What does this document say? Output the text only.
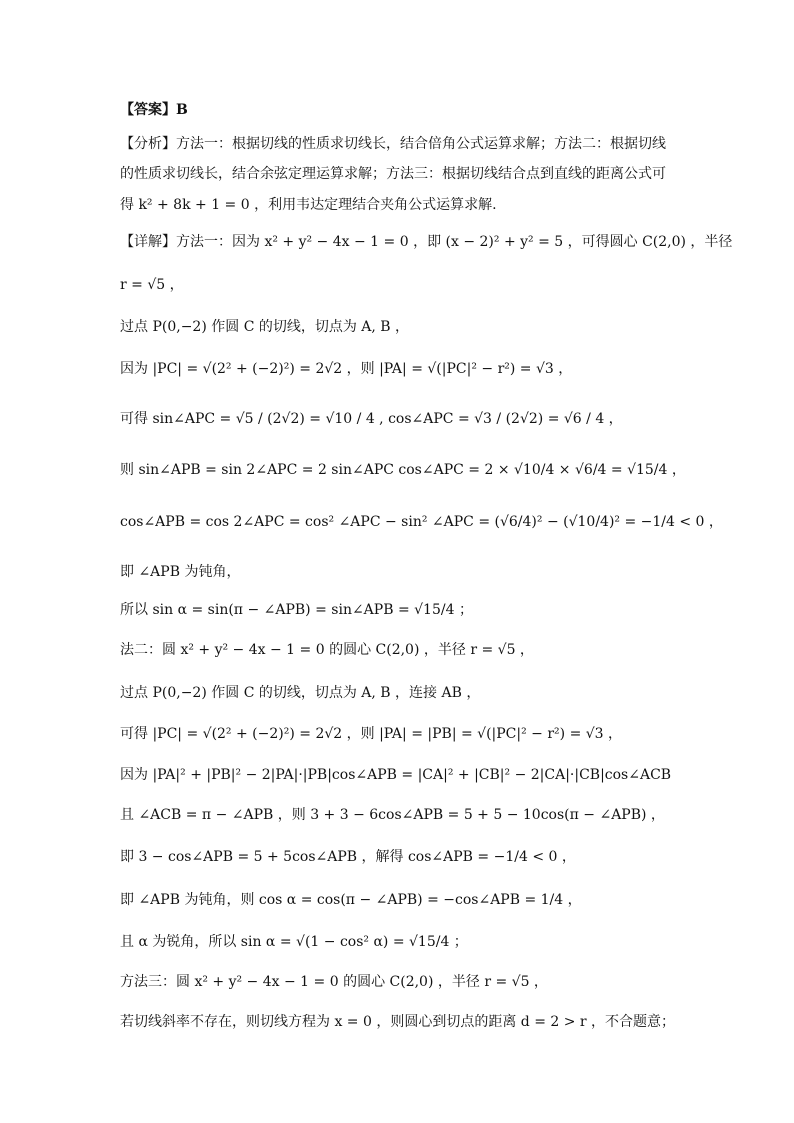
【答案】B
【分析】方法一：根据切线的性质求切线长，结合倍角公式运算求解；方法二：根据切线
的性质求切线长，结合余弦定理运算求解；方法三：根据切线结合点到直线的距离公式可
得 k² + 8k + 1 = 0 ，利用韦达定理结合夹角公式运算求解.
【详解】方法一：因为 x² + y² − 4x − 1 = 0 ，即 (x − 2)² + y² = 5 ，可得圆心 C(2,0) ，半径
r = √5 ，
过点 P(0,−2) 作圆 C 的切线，切点为 A, B ，
因为 |PC| = √(2² + (−2)²) = 2√2 ，则 |PA| = √(|PC|² − r²) = √3 ，
可得 sin∠APC = √5 / (2√2) = √10 / 4 , cos∠APC = √3 / (2√2) = √6 / 4 ，
则 sin∠APB = sin 2∠APC = 2 sin∠APC cos∠APC = 2 × √10/4 × √6/4 = √15/4 ，
cos∠APB = cos 2∠APC = cos² ∠APC − sin² ∠APC = (√6/4)² − (√10/4)² = −1/4 < 0 ，
即 ∠APB 为钝角，
所以 sin α = sin(π − ∠APB) = sin∠APB = √15/4 ；
法二：圆 x² + y² − 4x − 1 = 0 的圆心 C(2,0) ，半径 r = √5 ，
过点 P(0,−2) 作圆 C 的切线，切点为 A, B ，连接 AB ，
可得 |PC| = √(2² + (−2)²) = 2√2 ，则 |PA| = |PB| = √(|PC|² − r²) = √3 ，
因为 |PA|² + |PB|² − 2|PA|·|PB|cos∠APB = |CA|² + |CB|² − 2|CA|·|CB|cos∠ACB
且 ∠ACB = π − ∠APB ，则 3 + 3 − 6cos∠APB = 5 + 5 − 10cos(π − ∠APB) ，
即 3 − cos∠APB = 5 + 5cos∠APB ，解得 cos∠APB = −1/4 < 0 ，
即 ∠APB 为钝角，则 cos α = cos(π − ∠APB) = −cos∠APB = 1/4 ，
且 α 为锐角，所以 sin α = √(1 − cos² α) = √15/4 ；
方法三：圆 x² + y² − 4x − 1 = 0 的圆心 C(2,0) ，半径 r = √5 ，
若切线斜率不存在，则切线方程为 x = 0 ，则圆心到切点的距离 d = 2 > r ，不合题意；
